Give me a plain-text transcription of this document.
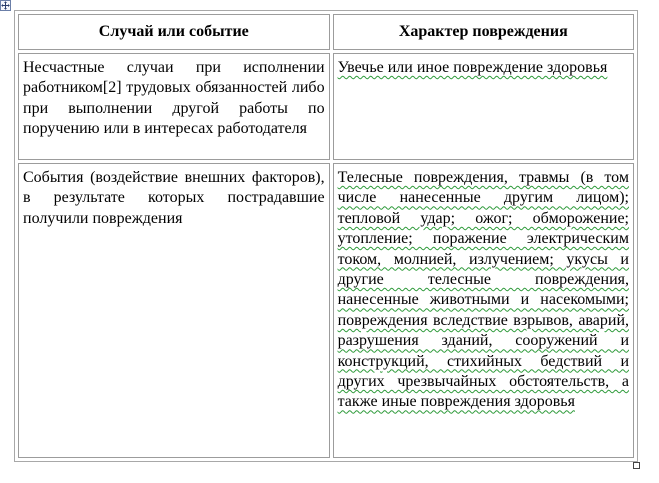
Случай или событие	Характер повреждения
Несчастные случаи при исполнении работником[2] трудовых обязанностей либо при выполнении другой работы по поручению или в интересах работодателя	Увечье или иное повреждение здоровья
События (воздействие внешних факторов), в результате которых пострадавшие получили повреждения	Телесные повреждения, травмы (в том числе нанесенные другим лицом); тепловой удар; ожог; обморожение; утопление; поражение электрическим током, молнией, излучением; укусы и другие телесные повреждения, нанесенные животными и насекомыми; повреждения вследствие взрывов, аварий, разрушения зданий, сооружений и конструкций, стихийных бедствий и других чрезвычайных обстоятельств, а также иные повреждения здоровья
